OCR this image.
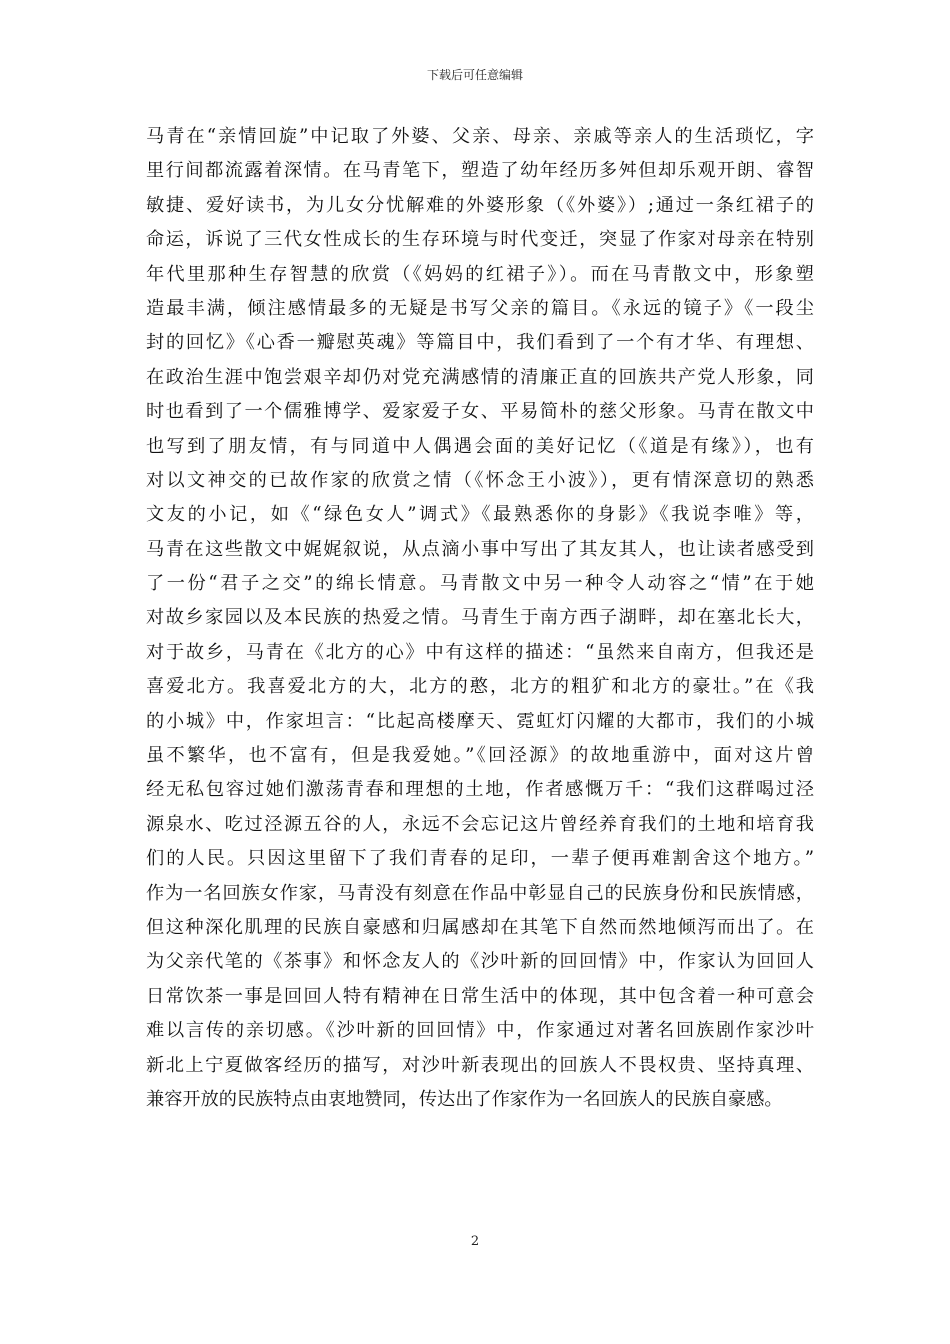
下载后可任意编辑
马青在“亲情回旋”中记取了外婆、父亲、母亲、亲戚等亲人的生活琐忆，字
里行间都流露着深情。在马青笔下，塑造了幼年经历多舛但却乐观开朗、睿智
敏捷、爱好读书，为儿女分忧解难的外婆形象（《外婆》）;通过一条红裙子的
命运，诉说了三代女性成长的生存环境与时代变迁，突显了作家对母亲在特别
年代里那种生存智慧的欣赏（《妈妈的红裙子》）。而在马青散文中，形象塑
造最丰满，倾注感情最多的无疑是书写父亲的篇目。《永远的镜子》《一段尘
封的回忆》《心香一瓣慰英魂》等篇目中，我们看到了一个有才华、有理想、
在政治生涯中饱尝艰辛却仍对党充满感情的清廉正直的回族共产党人形象，同
时也看到了一个儒雅博学、爱家爱子女、平易简朴的慈父形象。马青在散文中
也写到了朋友情，有与同道中人偶遇会面的美好记忆（《道是有缘》），也有
对以文神交的已故作家的欣赏之情（《怀念王小波》），更有情深意切的熟悉
文友的小记，如《“绿色女人”调式》《最熟悉你的身影》《我说李唯》等，
马青在这些散文中娓娓叙说，从点滴小事中写出了其友其人，也让读者感受到
了一份“君子之交”的绵长情意。马青散文中另一种令人动容之“情”在于她
对故乡家园以及本民族的热爱之情。马青生于南方西子湖畔，却在塞北长大，
对于故乡，马青在《北方的心》中有这样的描述：“虽然来自南方，但我还是
喜爱北方。我喜爱北方的大，北方的憨，北方的粗犷和北方的豪壮。”在《我
的小城》中，作家坦言：“比起高楼摩天、霓虹灯闪耀的大都市，我们的小城
虽不繁华，也不富有，但是我爱她。”《回泾源》的故地重游中，面对这片曾
经无私包容过她们激荡青春和理想的土地，作者感慨万千：“我们这群喝过泾
源泉水、吃过泾源五谷的人，永远不会忘记这片曾经养育我们的土地和培育我
们的人民。只因这里留下了我们青春的足印，一辈子便再难割舍这个地方。”
作为一名回族女作家，马青没有刻意在作品中彰显自己的民族身份和民族情感，
但这种深化肌理的民族自豪感和归属感却在其笔下自然而然地倾泻而出了。在
为父亲代笔的《茶事》和怀念友人的《沙叶新的回回情》中，作家认为回回人
日常饮茶一事是回回人特有精神在日常生活中的体现，其中包含着一种可意会
难以言传的亲切感。《沙叶新的回回情》中，作家通过对著名回族剧作家沙叶
新北上宁夏做客经历的描写，对沙叶新表现出的回族人不畏权贵、坚持真理、
兼容开放的民族特点由衷地赞同，传达出了作家作为一名回族人的民族自豪感。
2
